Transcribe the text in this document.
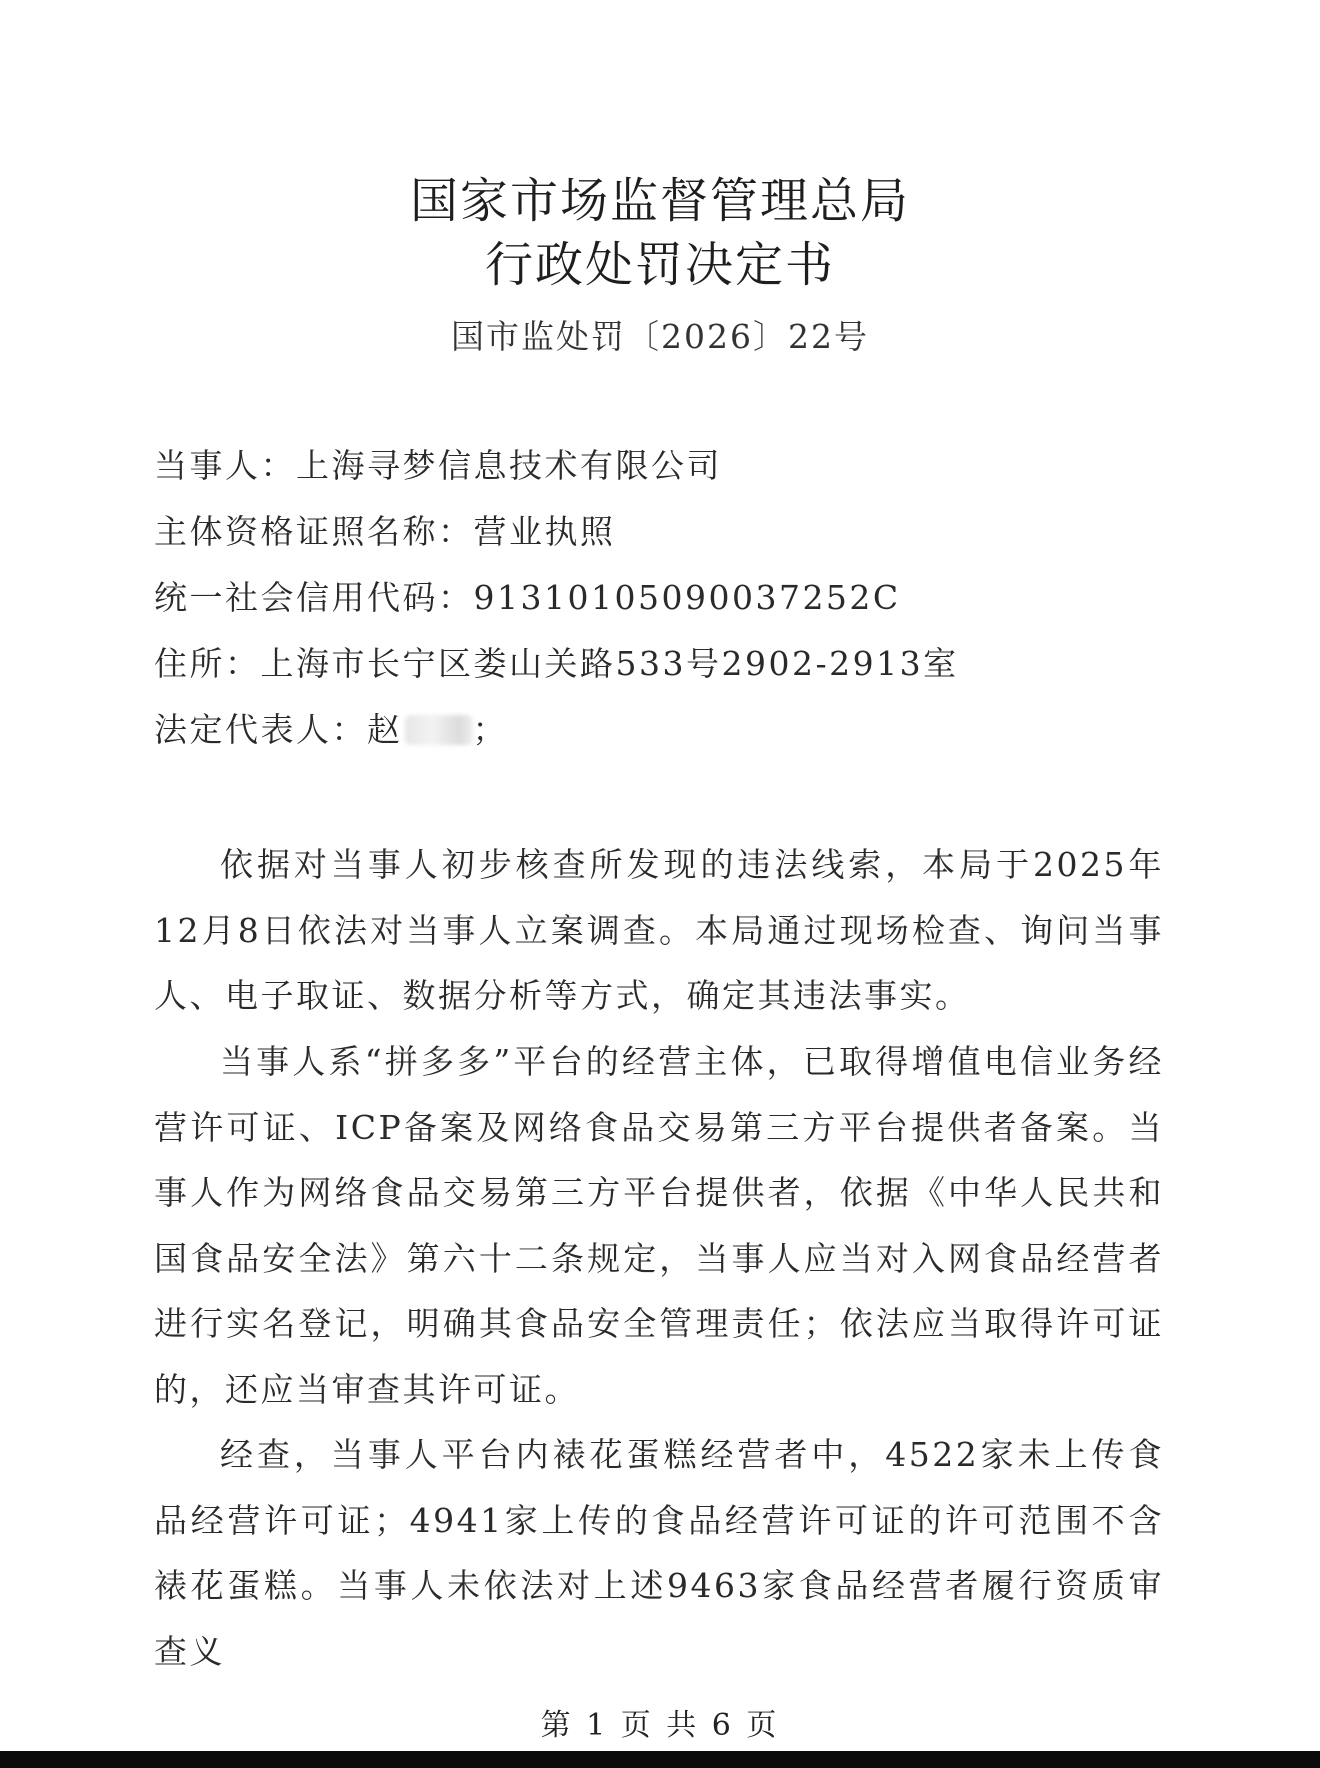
国家市场监督管理总局
行政处罚决定书
国市监处罚〔2026〕22号
当事人：上海寻梦信息技术有限公司
主体资格证照名称：营业执照
统一社会信用代码：91310105090037252C
住所：上海市长宁区娄山关路533号2902-2913室
法定代表人：赵 ；
依据对当事人初步核查所发现的违法线索，本局于2025年12月8日依法对当事人立案调查。本局通过现场检查、询问当事人、电子取证、数据分析等方式，确定其违法事实。
当事人系“拼多多”平台的经营主体，已取得增值电信业务经营许可证、ICP备案及网络食品交易第三方平台提供者备案。当事人作为网络食品交易第三方平台提供者，依据《中华人民共和国食品安全法》第六十二条规定，当事人应当对入网食品经营者进行实名登记，明确其食品安全管理责任；依法应当取得许可证的，还应当审查其许可证。
经查，当事人平台内裱花蛋糕经营者中，4522家未上传食品经营许可证；4941家上传的食品经营许可证的许可范围不含裱花蛋糕。当事人未依法对上述9463家食品经营者履行资质审查义
第 1 页 共 6 页
